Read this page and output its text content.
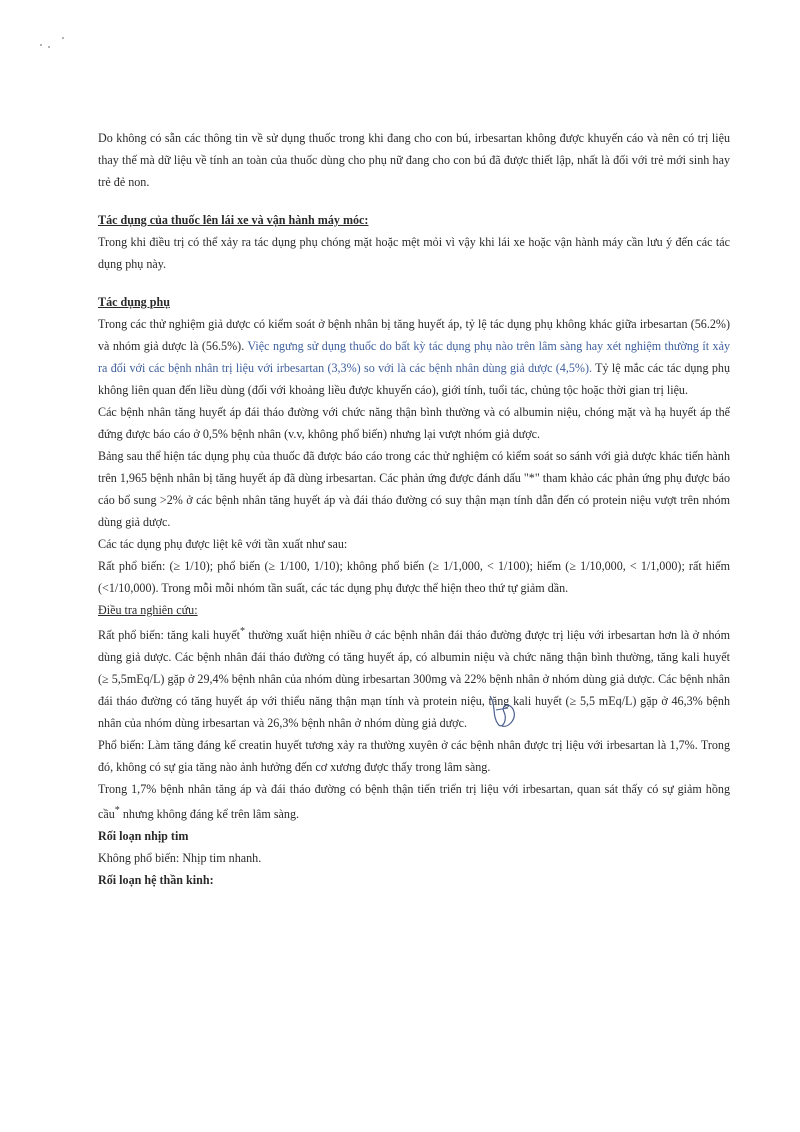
Do không có sẵn các thông tin về sử dụng thuốc trong khi đang cho con bú, irbesartan không được khuyến cáo và nên có trị liệu thay thế mà dữ liệu về tính an toàn của thuốc dùng cho phụ nữ đang cho con bú đã được thiết lập, nhất là đối với trẻ mới sinh hay trẻ đẻ non.

Tác dụng của thuốc lên lái xe và vận hành máy móc:

Trong khi điều trị có thể xảy ra tác dụng phụ chóng mặt hoặc mệt mỏi vì vậy khi lái xe hoặc vận hành máy cần lưu ý đến các tác dụng phụ này.

Tác dụng phụ

Trong các thử nghiệm giả dược có kiểm soát ở bệnh nhân bị tăng huyết áp, tỷ lệ tác dụng phụ không khác giữa irbesartan (56.2%) và nhóm giả dược là (56.5%). Việc ngưng sử dụng thuốc do bất kỳ tác dụng phụ nào trên lâm sàng hay xét nghiệm thường ít xảy ra đối với các bệnh nhân trị liệu với irbesartan (3,3%) so với là các bệnh nhân dùng giả dược (4,5%). Tỷ lệ mắc các tác dụng phụ không liên quan đến liều dùng (đối với khoảng liều được khuyến cáo), giới tính, tuổi tác, chủng tộc hoặc thời gian trị liệu.

Các bệnh nhân tăng huyết áp đái tháo đường với chức năng thận bình thường và có albumin niệu, chóng mặt và hạ huyết áp thế đứng được báo cáo ở 0,5% bệnh nhân (v.v, không phổ biến) nhưng lại vượt nhóm giả dược.

Bảng sau thể hiện tác dụng phụ của thuốc đã được báo cáo trong các thử nghiệm có kiểm soát so sánh với giả dược khác tiến hành trên 1,965 bệnh nhân bị tăng huyết áp đã dùng irbesartan. Các phản ứng được đánh dấu "*" tham khảo các phản ứng phụ được báo cáo bổ sung >2% ở các bệnh nhân tăng huyết áp và đái tháo đường có suy thận mạn tính dẫn đến có protein niệu vượt trên nhóm dùng giả dược.

Các tác dụng phụ được liệt kê với tần xuất như sau:

Rất phổ biến: (≥ 1/10); phổ biến (≥ 1/100, 1/10); không phổ biến (≥ 1/1,000, < 1/100); hiếm (≥ 1/10,000, < 1/1,000); rất hiếm (<1/10,000). Trong mỗi mỗi nhóm tần suất, các tác dụng phụ được thể hiện theo thứ tự giảm dần.

Điều tra nghiên cứu:

Rất phổ biến: tăng kali huyết* thường xuất hiện nhiều ở các bệnh nhân đái tháo đường được trị liệu với irbesartan hơn là ở nhóm dùng giả dược. Các bệnh nhân đái tháo đường có tăng huyết áp, có albumin niệu và chức năng thận bình thường, tăng kali huyết (≥ 5,5mEq/L) gặp ở 29,4% bệnh nhân của nhóm dùng irbesartan 300mg và 22% bệnh nhân ở nhóm dùng giả dược. Các bệnh nhân đái tháo đường có tăng huyết áp với thiểu năng thận mạn tính và protein niệu, tăng kali huyết (≥ 5,5 mEq/L) gặp ở 46,3% bệnh nhân của nhóm dùng irbesartan và 26,3% bệnh nhân ở nhóm dùng giả dược.

Phổ biến: Làm tăng đáng kể creatin huyết tương xảy ra thường xuyên ở các bệnh nhân được trị liệu với irbesartan là 1,7%. Trong đó, không có sự gia tăng nào ảnh hưởng đến cơ xương được thấy trong lâm sàng.

Trong 1,7% bệnh nhân tăng áp và đái tháo đường có bệnh thận tiến triển trị liệu với irbesartan, quan sát thấy có sự giảm hồng cầu* nhưng không đáng kể trên lâm sàng.

Rối loạn nhịp tim

Không phổ biến: Nhịp tim nhanh.

Rối loạn hệ thần kinh:
